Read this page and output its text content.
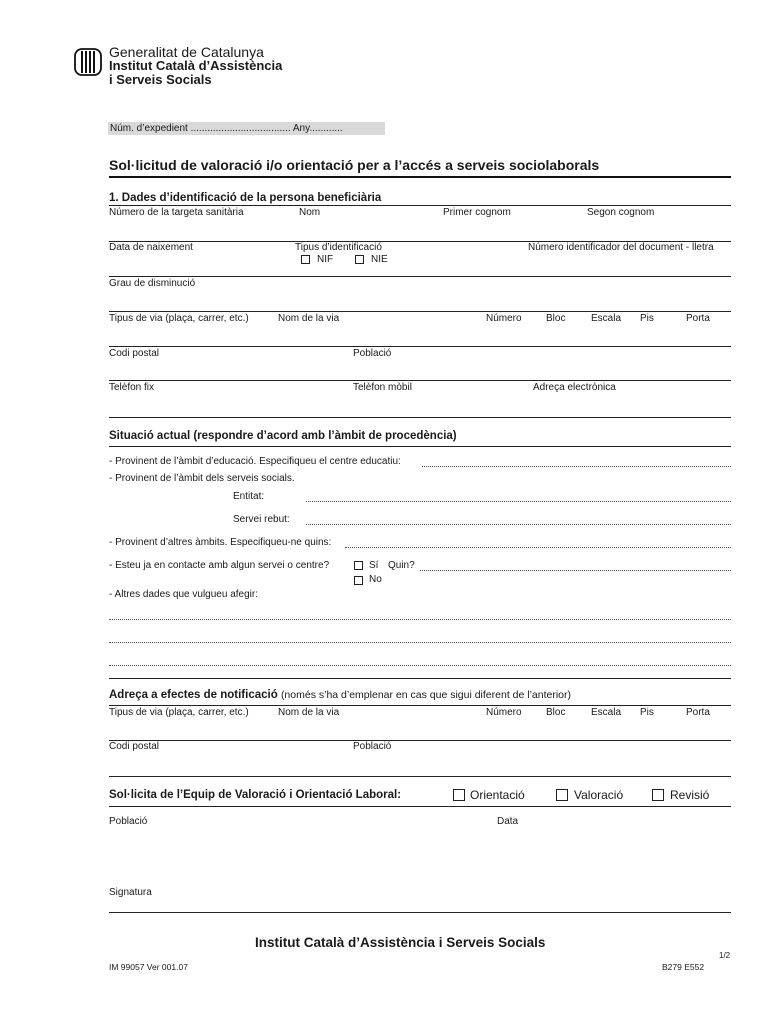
Generalitat de Catalunya
Institut Català d’Assistència
i Serveis Socials
Núm. d’expedient .................................... Any............
Sol·licitud de valoració i/o orientació per a l’accés a serveis sociolaborals
1. Dades d’identificació de la persona beneficiària
Número de la targeta sanitària	Nom	Primer cognom	Segon cognom
Data de naixement	Tipus d’identificació	Número identificador del document - lletra
NIF	NIE
Grau de disminució
Tipus de via (plaça, carrer, etc.)	Nom de la via	Número Bloc	Escala Pis	Porta
Codi postal	Població
Telèfon fix	Telèfon mòbil	Adreça electrònica
Situació actual (respondre d’acord amb l’àmbit de procedència)
- Provinent de l’àmbit d’educació. Especifiqueu el centre educatiu:
- Provinent de l’àmbit dels serveis socials.
Entitat:
Servei rebut:
- Provinent d’altres àmbits. Especifiqueu-ne quins:
- Esteu ja en contacte amb algun servei o centre?	Sí Quin?
No
- Altres dades que vulgueu afegir:
Adreça a efectes de notificació (només s’ha d’emplenar en cas que sigui diferent de l’anterior)
Tipus de via (plaça, carrer, etc.)	Nom de la via	Número Bloc	Escala Pis	Porta
Codi postal	Població
Sol·licita de l’Equip de Valoració i Orientació Laboral:	Orientació	Valoració	Revisió
Població	Data
Signatura
Institut Català d’Assistència i Serveis Socials
1/2
IM 99057 Ver 001.07	B279 E552
